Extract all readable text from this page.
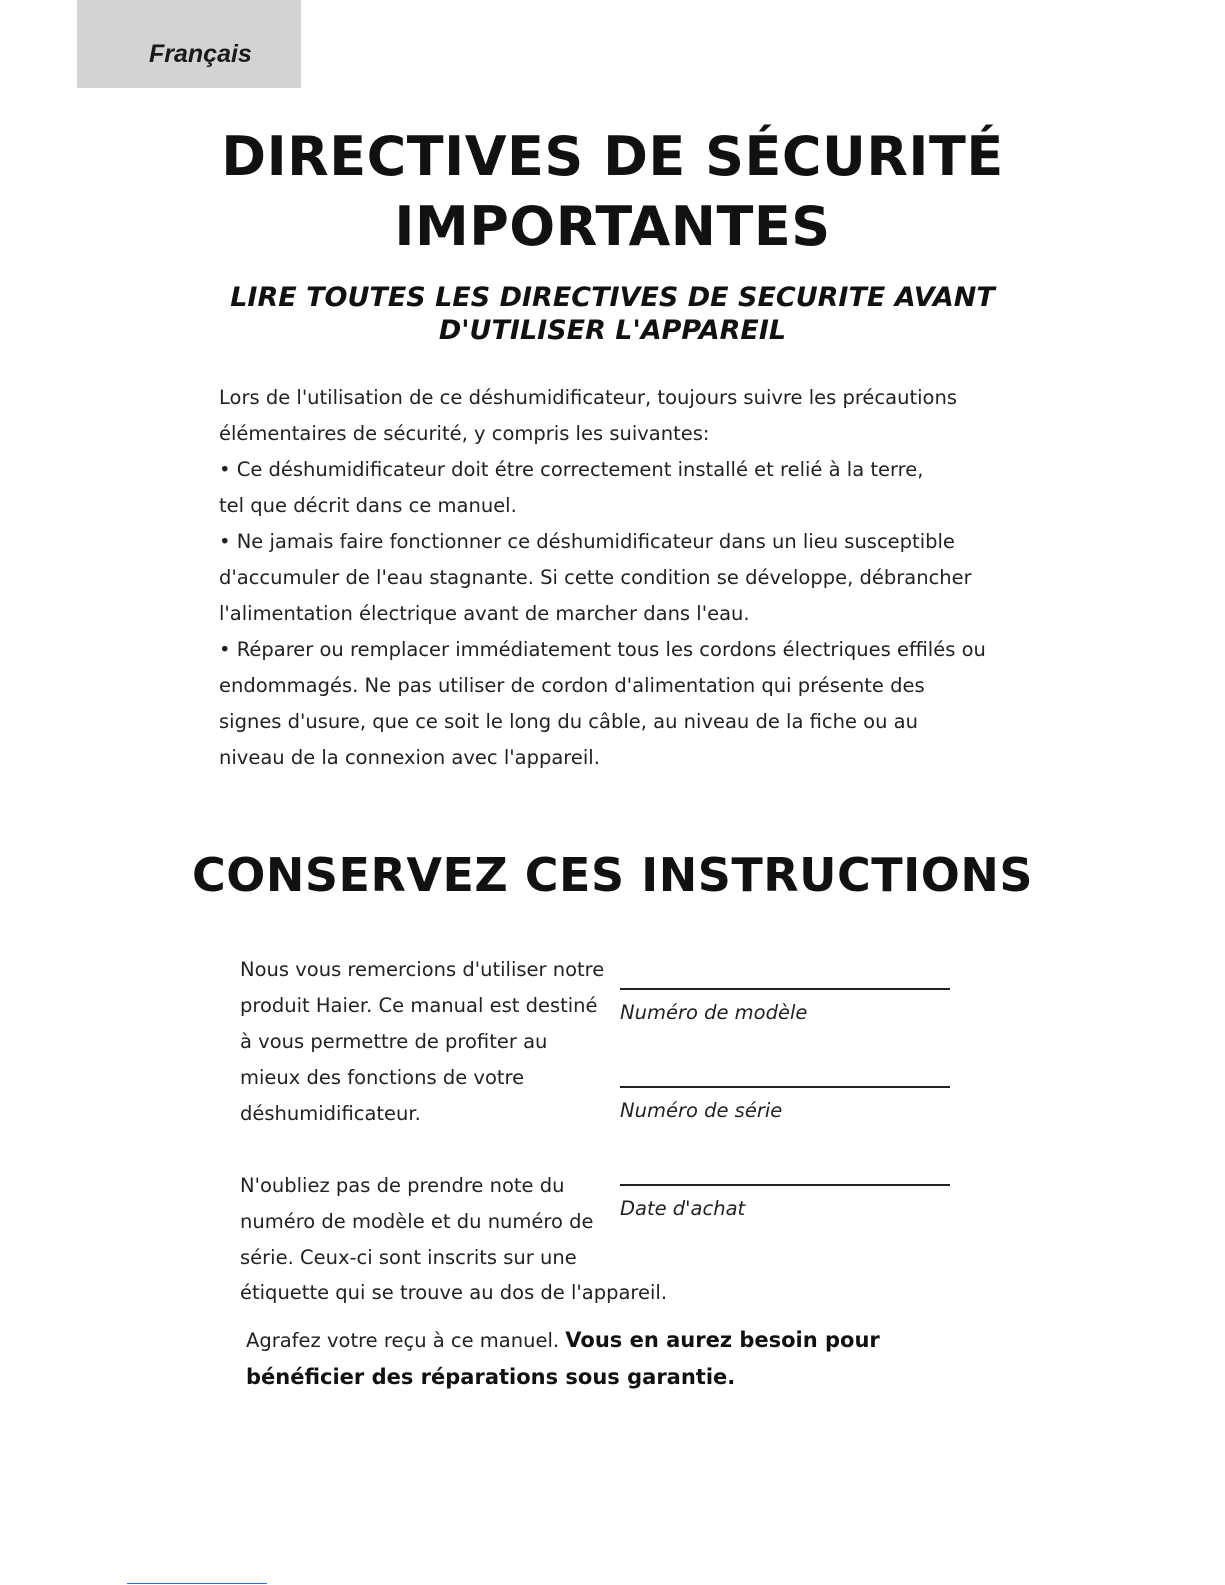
Français
DIRECTIVES DE SÉCURITÉ
IMPORTANTES
LIRE TOUTES LES DIRECTIVES DE SECURITE AVANT
D'UTILISER L'APPAREIL

Lors de l'utilisation de ce déshumidificateur, toujours suivre les précautions

élémentaires de sécurité, y compris les suivantes:

• Ce déshumidificateur doit étre correctement installé et relié à la terre,

tel que décrit dans ce manuel.

• Ne jamais faire fonctionner ce déshumidificateur dans un lieu susceptible

d'accumuler de l'eau stagnante. Si cette condition se développe, débrancher

l'alimentation électrique avant de marcher dans l'eau.

• Réparer ou remplacer immédiatement tous les cordons électriques effilés ou

endommagés. Ne pas utiliser de cordon d'alimentation qui présente des

signes d'usure, que ce soit le long du câble, au niveau de la fiche ou au

niveau de la connexion avec l'appareil.

CONSERVEZ CES INSTRUCTIONS

Nous vous remercions d'utiliser notre

produit Haier. Ce manual est destiné

à vous permettre de profiter au

mieux des fonctions de votre

déshumidificateur.

N'oubliez pas de prendre note du

numéro de modèle et du numéro de

série. Ceux-ci sont inscrits sur une

étiquette qui se trouve au dos de l'appareil.
Numéro de modèle
Numéro de série
Date d'achat
Agrafez votre reçu à ce manuel. Vous en aurez besoin pour
bénéficier des réparations sous garantie.
